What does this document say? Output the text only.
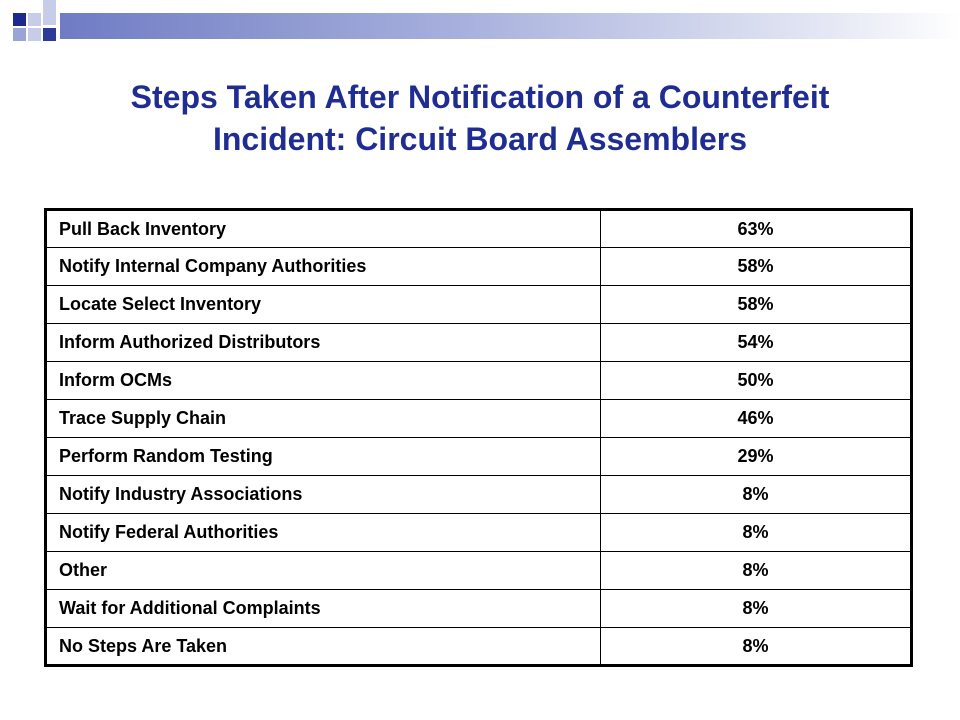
Steps Taken After Notification of a Counterfeit
Incident: Circuit Board Assemblers
Pull Back Inventory	63%
Notify Internal Company Authorities	58%
Locate Select Inventory	58%
Inform Authorized Distributors	54%
Inform OCMs	50%
Trace Supply Chain	46%
Perform Random Testing	29%
Notify Industry Associations	8%
Notify Federal Authorities	8%
Other	8%
Wait for Additional Complaints	8%
No Steps Are Taken	8%
